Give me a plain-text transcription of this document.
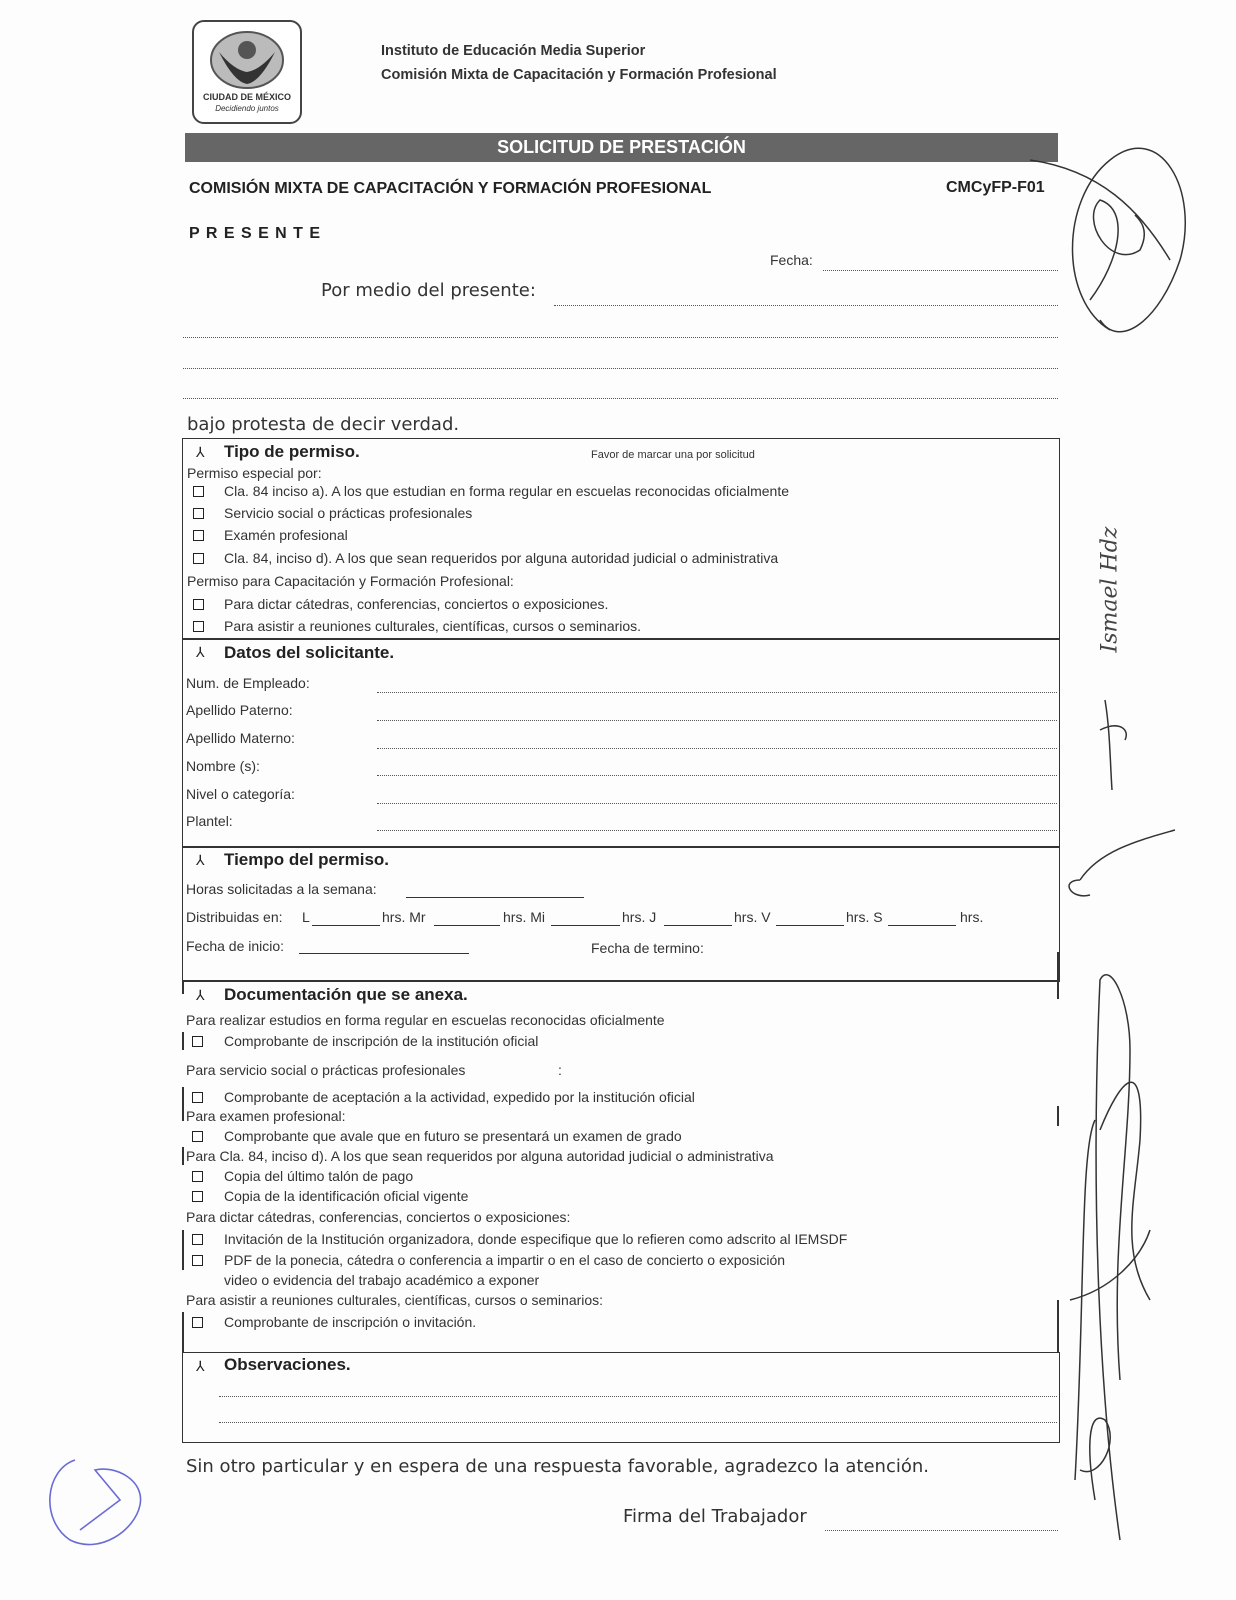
CIUDAD DE MÉXICO
Decidiendo juntos
Instituto de Educación Media Superior
Comisión Mixta de Capacitación y Formación Profesional
SOLICITUD DE PRESTACIÓN
COMISIÓN MIXTA DE CAPACITACIÓN Y FORMACIÓN PROFESIONAL	CMCyFP-F01
P R E S E N T E
Fecha:
Por medio del presente:
bajo protesta de decir verdad.
⅄ Tipo de permiso.	Favor de marcar una por solicitud
Permiso especial por:
Cla. 84 inciso a). A los que estudian en forma regular en escuelas reconocidas oficialmente
Servicio social o prácticas profesionales
Examén profesional
Cla. 84, inciso d). A los que sean requeridos por alguna autoridad judicial o administrativa
Permiso para Capacitación y Formación Profesional:
Para dictar cátedras, conferencias, conciertos o exposiciones.
Para asistir a reuniones culturales, científicas, cursos o seminarios.
⅄ Datos del solicitante.
Num. de Empleado:
Apellido Paterno:
Apellido Materno:
Nombre (s):
Nivel o categoría:
Plantel:
⅄ Tiempo del permiso.
Horas solicitadas a la semana:
Distribuidas en: L	hrs. Mr	hrs. Mi	hrs. J	hrs. V	hrs. S	hrs.
Fecha de inicio:	Fecha de termino:
⅄ Documentación que se anexa.
Para realizar estudios en forma regular en escuelas reconocidas oficialmente
Comprobante de inscripción de la institución oficial
Para servicio social o prácticas profesionales	:
Comprobante de aceptación a la actividad, expedido por la institución oficial
Para examen profesional:
Comprobante que avale que en futuro se presentará un examen de grado
Para Cla. 84, inciso d). A los que sean requeridos por alguna autoridad judicial o administrativa
Copia del último talón de pago
Copia de la identificación oficial vigente
Para dictar cátedras, conferencias, conciertos o exposiciones:
Invitación de la Institución organizadora, donde especifique que lo refieren como adscrito al IEMSDF
PDF de la ponecia, cátedra o conferencia a impartir o en el caso de concierto o exposición
video o evidencia del trabajo académico a exponer
Para asistir a reuniones culturales, científicas, cursos o seminarios:
Comprobante de inscripción o invitación.
⅄ Observaciones.
Sin otro particular y en espera de una respuesta favorable, agradezco la atención.
Firma del Trabajador
Ismael Hdz
